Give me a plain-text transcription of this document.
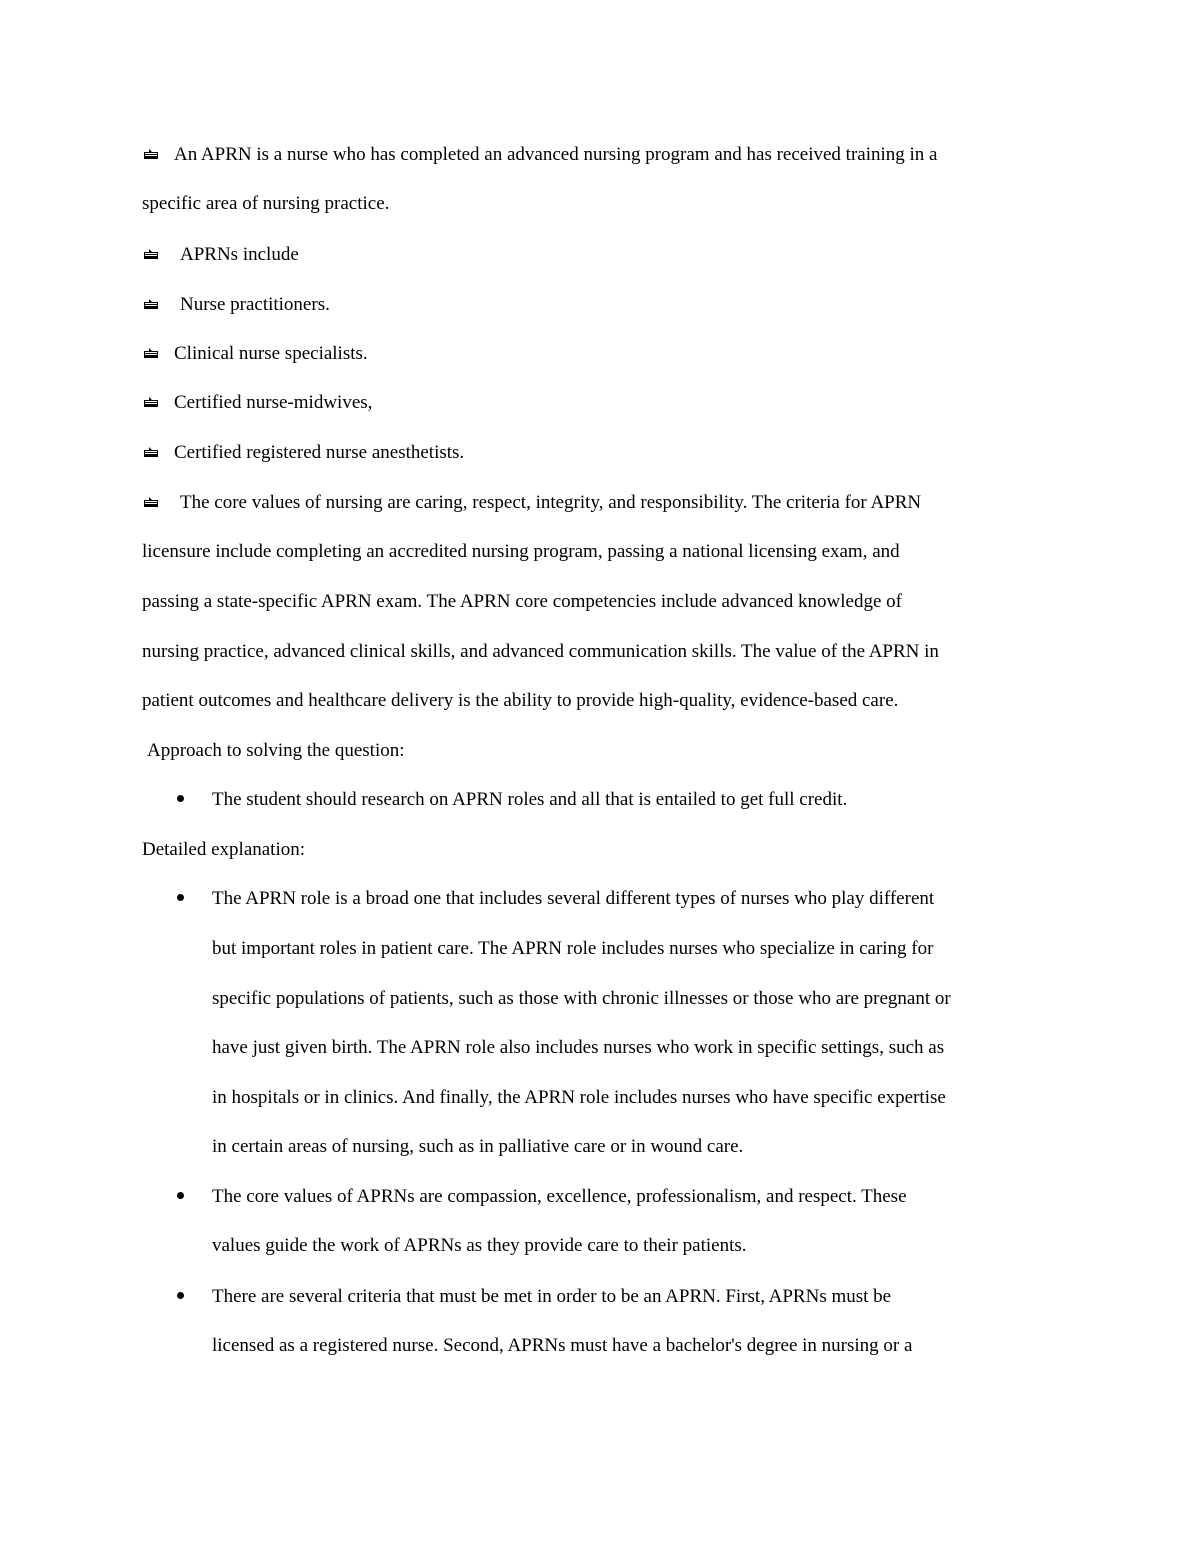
An APRN is a nurse who has completed an advanced nursing program and has received training in a
specific area of nursing practice.
APRNs include
Nurse practitioners.
Clinical nurse specialists.
Certified nurse-midwives,
Certified registered nurse anesthetists.
The core values of nursing are caring, respect, integrity, and responsibility. The criteria for APRN
licensure include completing an accredited nursing program, passing a national licensing exam, and
passing a state-specific APRN exam. The APRN core competencies include advanced knowledge of
nursing practice, advanced clinical skills, and advanced communication skills. The value of the APRN in
patient outcomes and healthcare delivery is the ability to provide high-quality, evidence-based care.
Approach to solving the question:
The student should research on APRN roles and all that is entailed to get full credit.
Detailed explanation:
The APRN role is a broad one that includes several different types of nurses who play different
but important roles in patient care. The APRN role includes nurses who specialize in caring for
specific populations of patients, such as those with chronic illnesses or those who are pregnant or
have just given birth. The APRN role also includes nurses who work in specific settings, such as
in hospitals or in clinics. And finally, the APRN role includes nurses who have specific expertise
in certain areas of nursing, such as in palliative care or in wound care.
The core values of APRNs are compassion, excellence, professionalism, and respect. These
values guide the work of APRNs as they provide care to their patients.
There are several criteria that must be met in order to be an APRN. First, APRNs must be
licensed as a registered nurse. Second, APRNs must have a bachelor's degree in nursing or a
